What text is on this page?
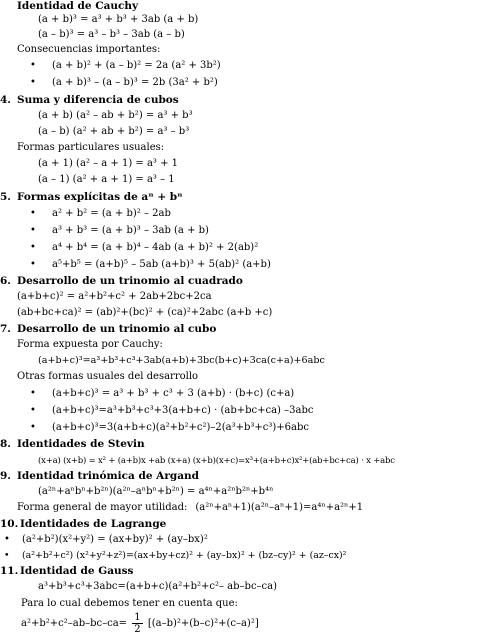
Identidad de Cauchy
(a + b)³ = a³ + b³ + 3ab (a + b)
(a – b)³ = a³ – b³ – 3ab (a – b)
Consecuencias importantes:
• (a + b)² + (a – b)² = 2a (a² + 3b²)
• (a + b)³ – (a – b)³ = 2b (3a² + b²)
4. Suma y diferencia de cubos
(a + b) (a² – ab + b²) = a³ + b³
(a – b) (a² + ab + b²) = a³ – b³
Formas particulares usuales:
(a + 1) (a² – a + 1) = a³ + 1
(a – 1) (a² + a + 1) = a³ – 1
5. Formas explícitas de aⁿ + bⁿ
• a² + b² = (a + b)² – 2ab
• a³ + b³ = (a + b)³ – 3ab (a + b)
• a⁴ + b⁴ = (a + b)⁴ – 4ab (a + b)² + 2(ab)²
• a⁵+b⁵ = (a+b)⁵ – 5ab (a+b)³ + 5(ab)² (a+b)
6. Desarrollo de un trinomio al cuadrado
(a+b+c)² = a²+b²+c² + 2ab+2bc+2ca
(ab+bc+ca)² = (ab)²+(bc)² + (ca)²+2abc (a+b +c)
7. Desarrollo de un trinomio al cubo
Forma expuesta por Cauchy:
(a+b+c)³=a³+b³+c³+3ab(a+b)+3bc(b+c)+3ca(c+a)+6abc
Otras formas usuales del desarrollo
• (a+b+c)³ = a³ + b³ + c³ + 3 (a+b) · (b+c) (c+a)
• (a+b+c)³=a³+b³+c³+3(a+b+c) · (ab+bc+ca) –3abc
• (a+b+c)³=3(a+b+c)(a²+b²+c²)–2(a³+b³+c³)+6abc
8. Identidades de Stevin
(x+a) (x+b) = x² + (a+b)x +ab (x+a) (x+b)(x+c)=x³+(a+b+c)x²+(ab+bc+ca) · x +abc
9. Identidad trinómica de Argand
(a²ⁿ+aⁿbⁿ+b²ⁿ)(a²ⁿ–aⁿbⁿ+b²ⁿ) = a⁴ⁿ+a²ⁿb²ⁿ+b⁴ⁿ
Forma general de mayor utilidad: (a²ⁿ+aⁿ+1)(a²ⁿ–aⁿ+1)=a⁴ⁿ+a²ⁿ+1
10. Identidades de Lagrange
• (a²+b²)(x²+y²) = (ax+by)² + (ay–bx)²
• (a²+b²+c²) (x²+y²+z²)=(ax+by+cz)² + (ay–bx)² + (bz–cy)² + (az–cx)²
11. Identidad de Gauss
a³+b³+c³+3abc=(a+b+c)(a²+b²+c²– ab–bc–ca)
Para lo cual debemos tener en cuenta que:
$a^2+b^2+c^2-ab-bc-ca= \frac{1}{2} [(a-b)^2+(b-c)^2+(c-a)^2]$
